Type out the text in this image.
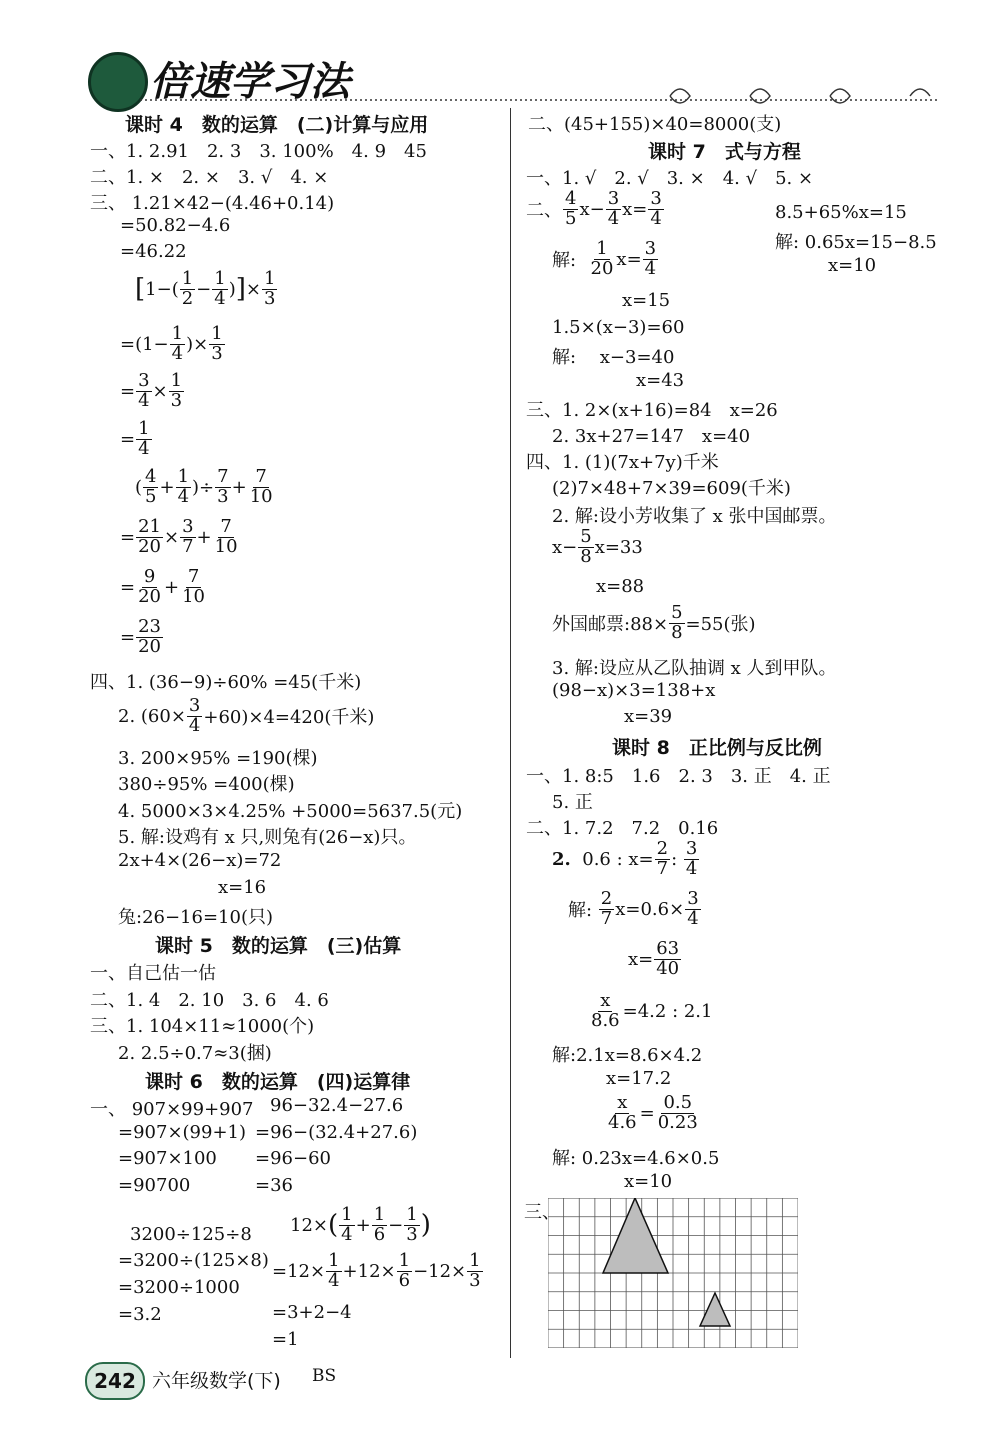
倍速学习法
课时 4　数的运算　(二)计算与应用
一、1. 2.91　2. 3　3. 100%　4. 9　45
二、1. ×　2. ×　3. √　4. ×
三、 1.21×42−(4.46+0.14)
=50.82−4.6
=46.22
[ $1-( \frac{1}{2} - \frac{1}{4}$ ) ] × $\frac{1}{3}$
$=(1- \frac{1}{4}$ )× $\frac{1}{3}$
= $\frac{3}{4} \times \frac{1}{3}$
= $\frac{1}{4}$
( $\frac{4}{5} + \frac{1}{4}$ )÷ $\frac{7}{3} + \frac{7}{10}$
= $\frac{21}{20} \times \frac{3}{7} + \frac{7}{10}$
= $\frac{9}{20} + \frac{7}{10}$
= $\frac{23}{20}$
四、1. (36−9)÷60% =45(千米)
2. $(60\times \frac{3}{4} +60)\times 4=420$(千米)
3. 200×95% =190(棵)
380÷95% =400(棵)
4. 5000×3×4.25% +5000=5637.5(元)
5. 解:设鸡有 x 只,则兔有(26−x)只。
2x+4×(26−x)=72
x=16
兔:26−16=10(只)
课时 5　数的运算　(三)估算
一、自己估一估
二、1. 4　2. 10　3. 6　4. 6
三、1. 104×11≈1000(个)
2. 2.5÷0.7≈3(捆)
课时 6　数的运算　(四)运算律
一、 907×99+907
=907×(99+1)
=907×100
=90700
96−32.4−27.6
=96−(32.4+27.6)
=96−60
=36
3200÷125÷8
=3200÷(125×8)
=3200÷1000
=3.2
12× ( $\frac{1}{4} + \frac{1}{6} - \frac{1}{3}$ )
$=12\times \frac{1}{4} +12\times \frac{1}{6} -12\times \frac{1}{3}$
=3+2−4
=1
二、(45+155)×40=8000(支)
课时 7　式与方程
一、1. √　2. √　3. ×　4. √　5. ×
二、 $\frac{4}{5} x- \frac{3}{4} x= \frac{3}{4}$
解: $\frac{1}{20} x= \frac{3}{4}$
x=15
8.5+65%x=15
解: 0.65x=15−8.5
x=10
1.5×(x−3)=60
解:　 x−3=40
x=43
三、1. 2×(x+16)=84　x=26
2. 3x+27=147　x=40
四、1. (1)(7x+7y)千米
(2)7×48+7×39=609(千米)
2. 解:设小芳收集了 x 张中国邮票。
$x- \frac{5}{8} x=33$
x=88
外国邮票:88× $\frac{5}{8} =55$(张)
3. 解:设应从乙队抽调 x 人到甲队。
(98−x)×3=138+x
x=39
课时 8　正比例与反比例
一、1. 8:5　1.6　2. 3　3. 正　4. 正
5. 正
二、1. 7.2　7.2　0.16
2. 0.6 : $x= \frac{2}{7}$ : $\frac{3}{4}$
解: $\frac{2}{7} x=0.6\times \frac{3}{4}$
$x= \frac{63}{40}$
$\frac{x}{8.6} =4.2$ : 2.1
解:2.1x=8.6×4.2
x=17.2
$\frac{x}{4.6} = \frac{0.5}{0.23}$
解: 0.23x=4.6×0.5
x=10
三、
242 六年级数学(下) BS
